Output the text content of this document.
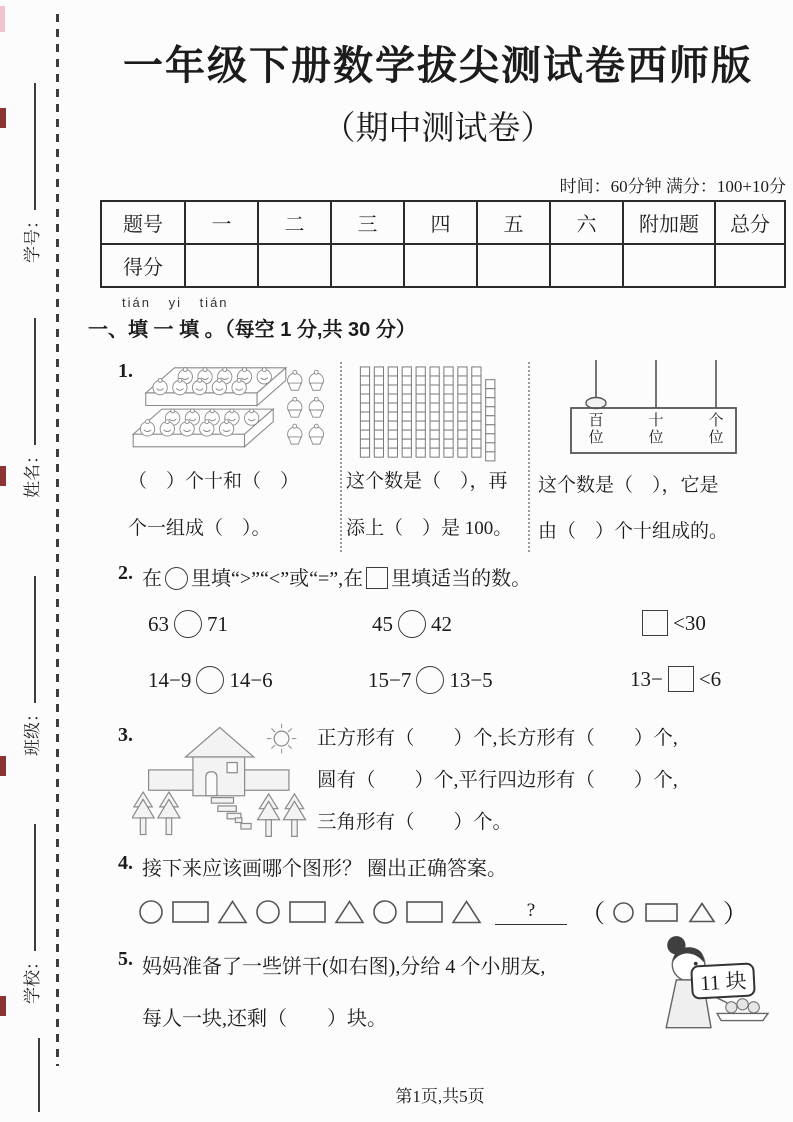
学号：
姓名：
班级：
学校：
一年级下册数学拔尖测试卷西师版
（期中测试卷）
时间：60分钟 满分：100+10分
题号	一	二	三	四	五	六	附加题	总分
得分								
tián yi tián
一、填 一 填 。（每空 1 分,共 30 分）
1.
（　）个十和（　）
个一组成（　）。
这个数是（　），再
添上（　）是 100。
百位
十位
个位
这个数是（　），它是
由（　）个十组成的。
2. 在 里填“>”“<”或“=”,在 里填适当的数。
63 71	45 42	<30
14−9 14−6	15−7 13−5	13− <6
3.	正方形有（　　）个,长方形有（　　）个,
圆有（　　）个,平行四边形有（　　）个,
三角形有（　　）个。
4. 接下来应该画哪个图形？ 圈出正确答案。
?	（	）
5. 妈妈准备了一些饼干(如右图),分给 4 个小朋友,
每人一块,还剩（　　）块。
11 块
第1页,共5页
